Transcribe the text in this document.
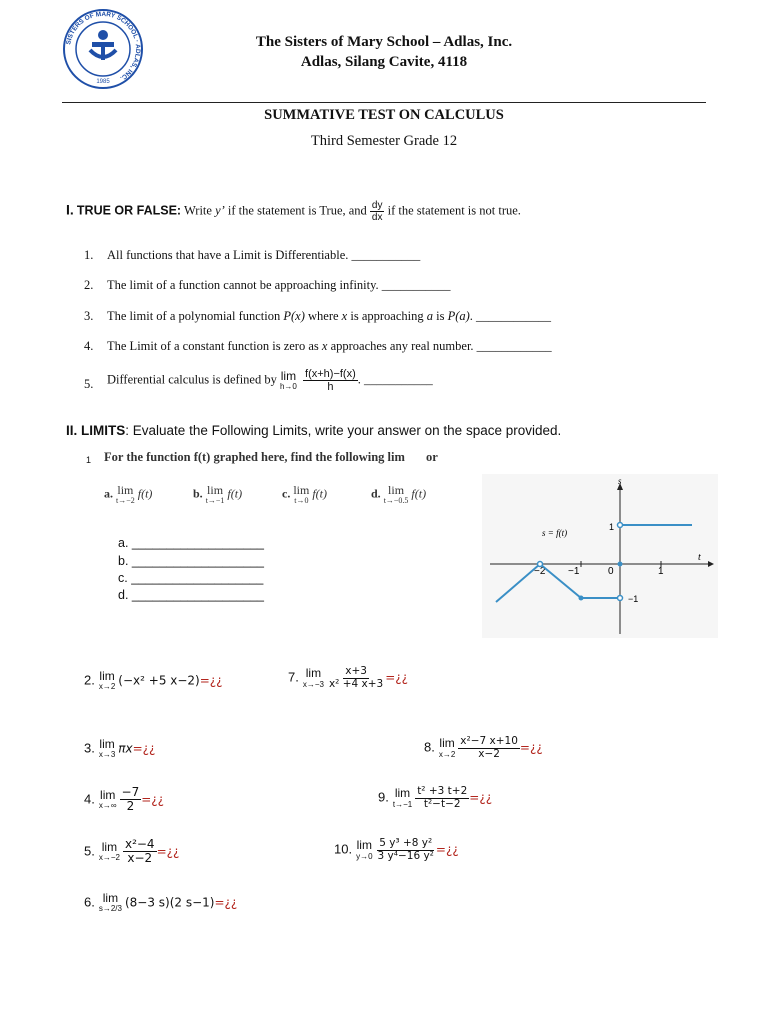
SISTERS OF MARY SCHOOL · ADLAS, INC.
1985
The Sisters of Mary School – Adlas, Inc.
Adlas, Silang Cavite, 4118
SUMMATIVE TEST ON CALCULUS
Third Semester Grade 12
I. TRUE OR FALSE: Write y’ if the statement is True, and $\frac{dy}{dx}$ if the statement is not true.
1. All functions that have a Limit is Differentiable. ___________
2. The limit of a function cannot be approaching infinity. ___________
3. The limit of a polynomial function P(x) where x is approaching a is P(a). ____________
4. The Limit of a constant function is zero as x approaches any real number. ____________
5. Differential calculus is defined by lim
h→0
$\frac{f(x+h)-f(x)}{h}$ . ___________
II. LIMITS: Evaluate the Following Limits, write your answer on the space provided.
1 For the function f(t) graphed here, find the following lim or
a. lim
t→−2
f(t)	b. lim
t→−1
f(t)	c. lim
t→0
f(t)	d. lim
t→−0.5
f(t)
a. ___________________
b. ___________________
c. ___________________
d. ___________________
s
t
s = f(t)
−2 −1	0	1
1
−1
2. lim
x→2 (−x² +5 x−2)=¿¿
3. lim
x→3 πx=¿¿
4. lim
$x\to\infty \frac{-7}{2}$ =¿¿
5. lim
$x\to-2 \frac{\text{x²−4}}{x-2}$ =¿¿
6. lim
s→2/3 (8−3 s)(2 s−1)=¿¿
7. lim
$x\to-3 \frac{x+3}{\text{x² +4 x+3}}$ =¿¿
8. lim
$x\to 2 \frac{\text{x²−7 x+10}}{x-2}$ =¿¿
9. lim
$t\to-1 \frac{\text{t² +3 t+2}}{\text{t²−t−2}}$ =¿¿
10. lim
$y\to 0 \frac{\text{5 y³ +8 y²}}{\text{3 y⁴−16 y²}}$ =¿¿
